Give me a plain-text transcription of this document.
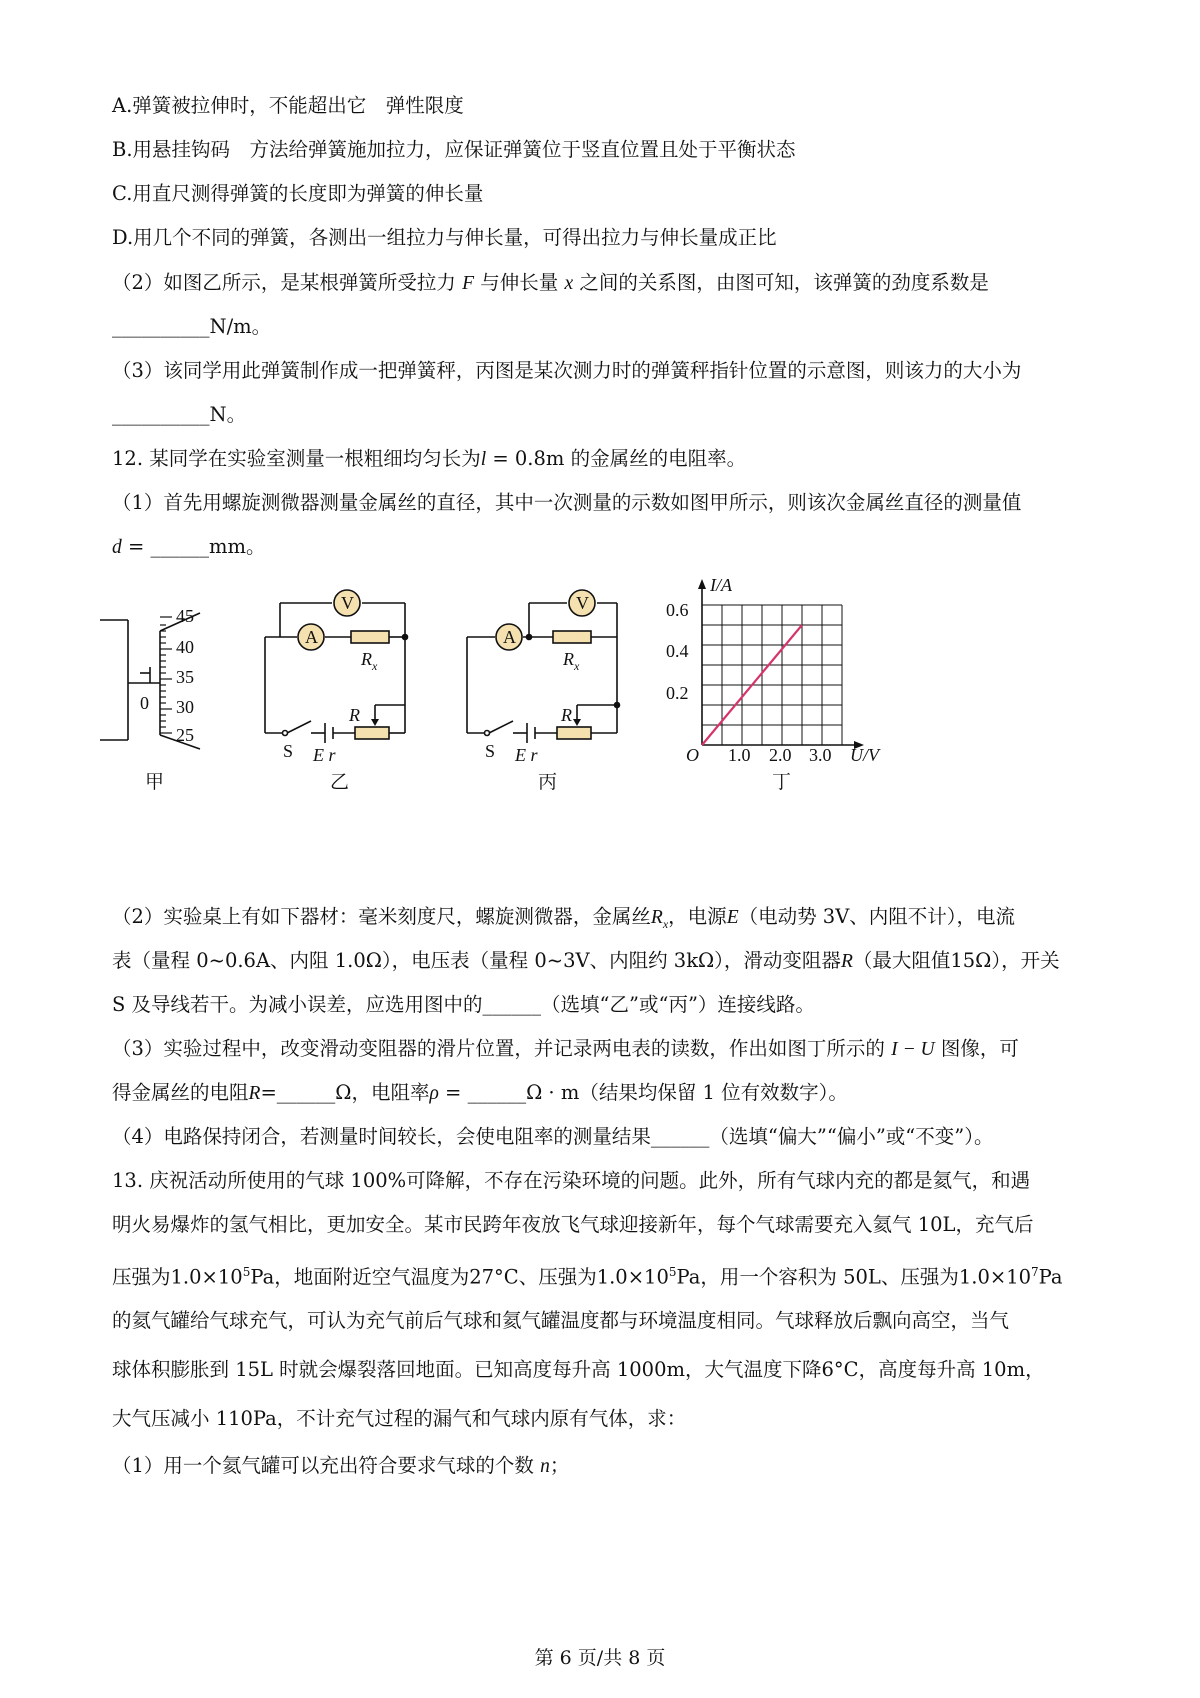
A.弹簧被拉伸时，不能超出它　弹性限度
B.用悬挂钩码　方法给弹簧施加拉力，应保证弹簧位于竖直位置且处于平衡状态
C.用直尺测得弹簧的长度即为弹簧的伸长量
D.用几个不同的弹簧，各测出一组拉力与伸长量，可得出拉力与伸长量成正比
（2）如图乙所示，是某根弹簧所受拉力 F 与伸长量 x 之间的关系图，由图可知，该弹簧的劲度系数是
__________N/m。
（3）该同学用此弹簧制作成一把弹簧秤，丙图是某次测力时的弹簧秤指针位置的示意图，则该力的大小为
__________N。
12. 某同学在实验室测量一根粗细均匀长为l = 0.8m 的金属丝的电阻率。
（1）首先用螺旋测微器测量金属丝的直径，其中一次测量的示数如图甲所示，则该次金属丝直径的测量值
d = ______mm。
45
40
35
30
25
0
V
A
$R_x$
R
S E r
V
A
$R_x$
R
S E r
I/A
U/V
O
0.6
0.4
0.2
1.0 2.0 3.0
甲	乙	丙	丁
（2）实验桌上有如下器材：毫米刻度尺，螺旋测微器，金属丝$R_x$，电源E（电动势 3V、内阻不计），电流
表（量程 0~0.6A、内阻 1.0Ω），电压表（量程 0~3V、内阻约 3kΩ），滑动变阻器R（最大阻值15Ω），开关
S 及导线若干。为减小误差，应选用图中的______（选填“乙”或“丙”）连接线路。
（3）实验过程中，改变滑动变阻器的滑片位置，并记录两电表的读数，作出如图丁所示的 I − U 图像，可
得金属丝的电阻R=______Ω，电阻率ρ = ______Ω · m（结果均保留 1 位有效数字）。
（4）电路保持闭合，若测量时间较长，会使电阻率的测量结果______（选填“偏大”“偏小”或“不变”）。
13. 庆祝活动所使用的气球 100%可降解，不存在污染环境的问题。此外，所有气球内充的都是氦气，和遇
明火易爆炸的氢气相比，更加安全。某市民跨年夜放飞气球迎接新年，每个气球需要充入氦气 10L，充气后
压强为$1.0\times 10^5Pa$，地面附近空气温度为27°C、压强为$1.0\times 10^5Pa$，用一个容积为 50L、压强为$1.0\times 10^7Pa$
的氦气罐给气球充气，可认为充气前后气球和氦气罐温度都与环境温度相同。气球释放后飘向高空，当气
球体积膨胀到 15L 时就会爆裂落回地面。已知高度每升高 1000m，大气温度下降6°C，高度每升高 10m，
大气压减小 110Pa，不计充气过程的漏气和气球内原有气体，求：
（1）用一个氦气罐可以充出符合要求气球的个数 n；
第 6 页/共 8 页
